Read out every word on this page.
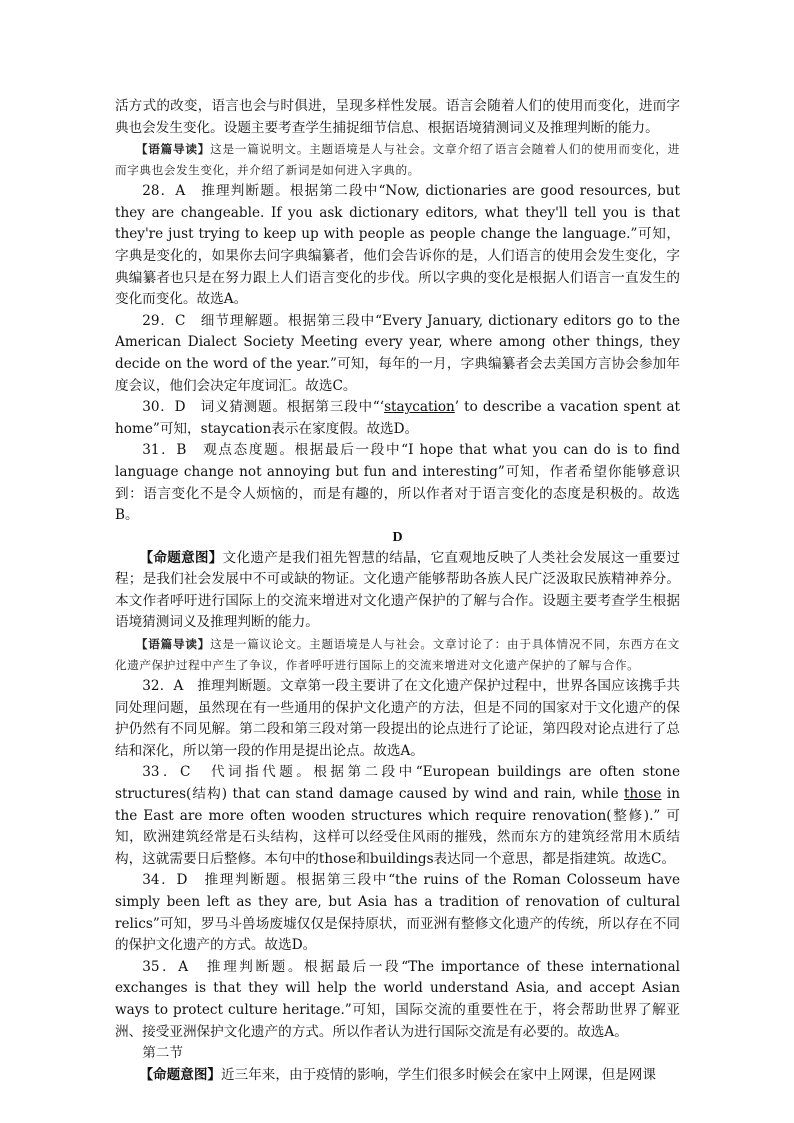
活方式的改变，语言也会与时俱进，呈现多样性发展。语言会随着人们的使用而变化，进而字典也会发生变化。设题主要考查学生捕捉细节信息、根据语境猜测词义及推理判断的能力。

【语篇导读】这是一篇说明文。主题语境是人与社会。文章介绍了语言会随着人们的使用而变化，进而字典也会发生变化，并介绍了新词是如何进入字典的。

28．A　推理判断题。根据第二段中“Now, dictionaries are good resources, but they are changeable. If you ask dictionary editors, what they'll tell you is that they're just trying to keep up with people as people change the language.”可知，字典是变化的，如果你去问字典编纂者，他们会告诉你的是，人们语言的使用会发生变化，字典编纂者也只是在努力跟上人们语言变化的步伐。所以字典的变化是根据人们语言一直发生的变化而变化。故选A。

29．C　细节理解题。根据第三段中“Every January, dictionary editors go to the American Dialect Society Meeting every year, where among other things, they decide on the word of the year.”可知，每年的一月，字典编纂者会去美国方言协会参加年度会议，他们会决定年度词汇。故选C。

30．D　词义猜测题。根据第三段中“‘staycation’ to describe a vacation spent at home”可知，staycation表示在家度假。故选D。

31．B　观点态度题。根据最后一段中“I hope that what you can do is to find language change not annoying but fun and interesting”可知，作者希望你能够意识到：语言变化不是令人烦恼的，而是有趣的，所以作者对于语言变化的态度是积极的。故选B。

D

【命题意图】文化遗产是我们祖先智慧的结晶，它直观地反映了人类社会发展这一重要过程；是我们社会发展中不可或缺的物证。文化遗产能够帮助各族人民广泛汲取民族精神养分。本文作者呼吁进行国际上的交流来增进对文化遗产保护的了解与合作。设题主要考查学生根据语境猜测词义及推理判断的能力。

【语篇导读】这是一篇议论文。主题语境是人与社会。文章讨论了：由于具体情况不同，东西方在文化遗产保护过程中产生了争议，作者呼吁进行国际上的交流来增进对文化遗产保护的了解与合作。

32．A　推理判断题。文章第一段主要讲了在文化遗产保护过程中，世界各国应该携手共同处理问题，虽然现在有一些通用的保护文化遗产的方法，但是不同的国家对于文化遗产的保护仍然有不同见解。第二段和第三段对第一段提出的论点进行了论证，第四段对论点进行了总结和深化，所以第一段的作用是提出论点。故选A。

33．C　代词指代题。根据第二段中“European buildings are often stone structures(结构) that can stand damage caused by wind and rain, while those in the East are more often wooden structures which require renovation(整修).” 可知，欧洲建筑经常是石头结构，这样可以经受住风雨的摧残，然而东方的建筑经常用木质结构，这就需要日后整修。本句中的those和buildings表达同一个意思，都是指建筑。故选C。

34．D　推理判断题。根据第三段中“the ruins of the Roman Colosseum have simply been left as they are, but Asia has a tradition of renovation of cultural relics”可知，罗马斗兽场废墟仅仅是保持原状，而亚洲有整修文化遗产的传统，所以存在不同的保护文化遗产的方式。故选D。

35．A　推理判断题。根据最后一段“The importance of these international exchanges is that they will help the world understand Asia, and accept Asian ways to protect culture heritage.”可知，国际交流的重要性在于，将会帮助世界了解亚洲、接受亚洲保护文化遗产的方式。所以作者认为进行国际交流是有必要的。故选A。

第二节

【命题意图】近三年来，由于疫情的影响，学生们很多时候会在家中上网课，但是网课
